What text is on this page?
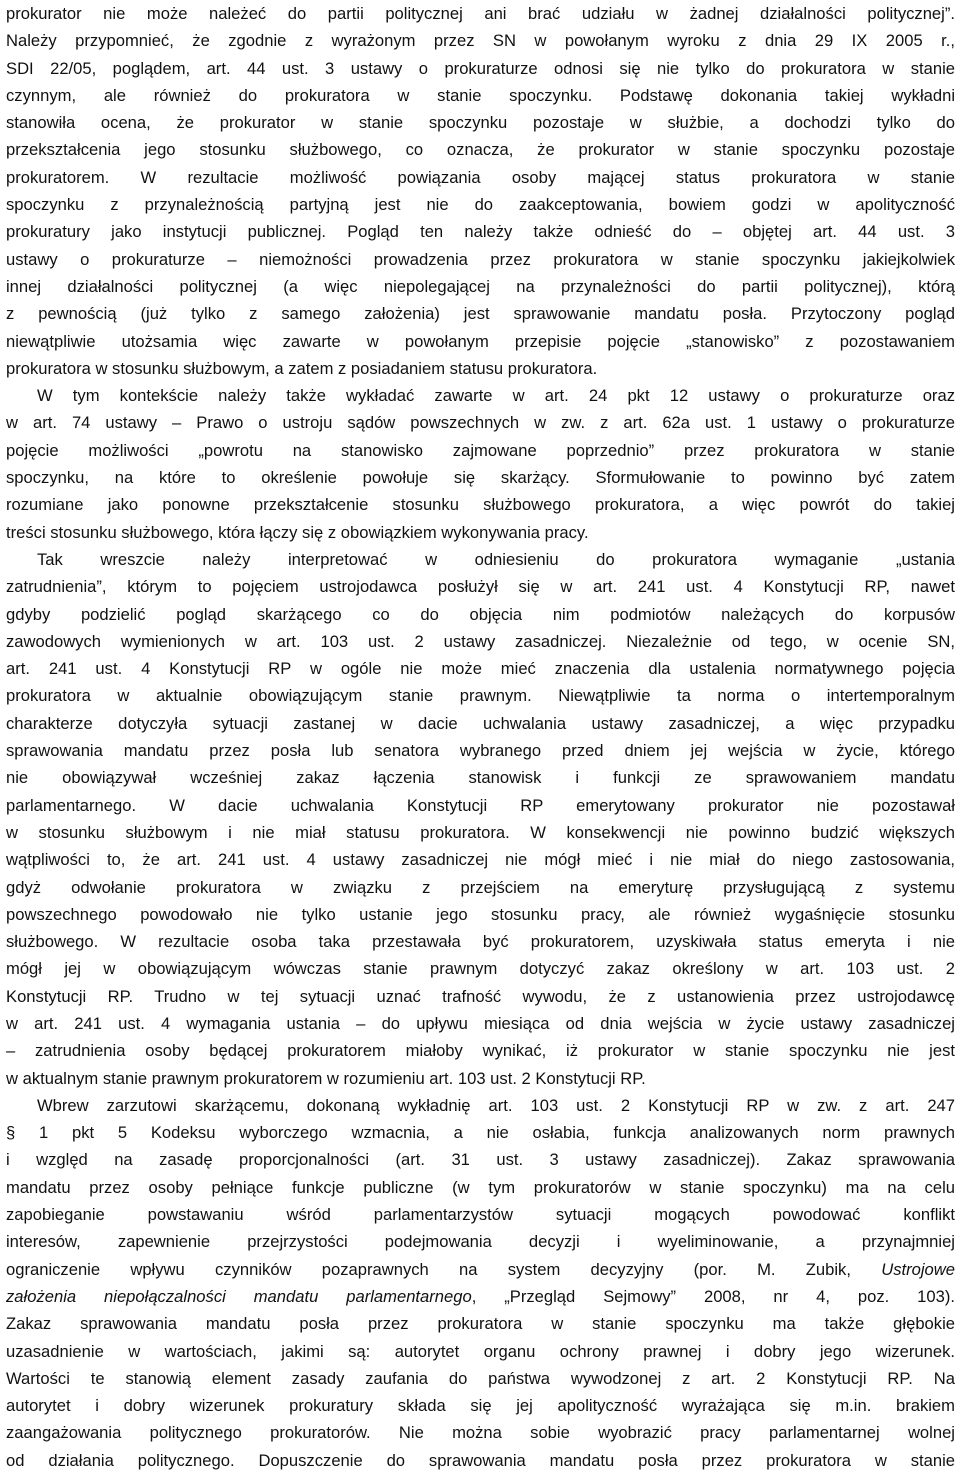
prokurator nie może należeć do partii politycznej ani brać udziału w żadnej działalności politycznej”.
Należy przypomnieć, że zgodnie z wyrażonym przez SN w powołanym wyroku z dnia 29 IX 2005 r.,
SDI 22/05, poglądem, art. 44 ust. 3 ustawy o prokuraturze odnosi się nie tylko do prokuratora w stanie
czynnym, ale również do prokuratora w stanie spoczynku. Podstawę dokonania takiej wykładni
stanowiła ocena, że prokurator w stanie spoczynku pozostaje w służbie, a dochodzi tylko do
przekształcenia jego stosunku służbowego, co oznacza, że prokurator w stanie spoczynku pozostaje
prokuratorem. W rezultacie możliwość powiązania osoby mającej status prokuratora w stanie
spoczynku z przynależnością partyjną jest nie do zaakceptowania, bowiem godzi w apolityczność
prokuratury jako instytucji publicznej. Pogląd ten należy także odnieść do – objętej art. 44 ust. 3
ustawy o prokuraturze – niemożności prowadzenia przez prokuratora w stanie spoczynku jakiejkolwiek
innej działalności politycznej (a więc niepolegającej na przynależności do partii politycznej), którą
z pewnością (już tylko z samego założenia) jest sprawowanie mandatu posła. Przytoczony pogląd
niewątpliwie utożsamia więc zawarte w powołanym przepisie pojęcie „stanowisko” z pozostawaniem
prokuratora w stosunku służbowym, a zatem z posiadaniem statusu prokuratora.
W tym kontekście należy także wykładać zawarte w art. 24 pkt 12 ustawy o prokuraturze oraz
w art. 74 ustawy – Prawo o ustroju sądów powszechnych w zw. z art. 62a ust. 1 ustawy o prokuraturze
pojęcie możliwości „powrotu na stanowisko zajmowane poprzednio” przez prokuratora w stanie
spoczynku, na które to określenie powołuje się skarżący. Sformułowanie to powinno być zatem
rozumiane jako ponowne przekształcenie stosunku służbowego prokuratora, a więc powrót do takiej
treści stosunku służbowego, która łączy się z obowiązkiem wykonywania pracy.
Tak wreszcie należy interpretować w odniesieniu do prokuratora wymaganie „ustania
zatrudnienia”, którym to pojęciem ustrojodawca posłużył się w art. 241 ust. 4 Konstytucji RP, nawet
gdyby podzielić pogląd skarżącego co do objęcia nim podmiotów należących do korpusów
zawodowych wymienionych w art. 103 ust. 2 ustawy zasadniczej. Niezależnie od tego, w ocenie SN,
art. 241 ust. 4 Konstytucji RP w ogóle nie może mieć znaczenia dla ustalenia normatywnego pojęcia
prokuratora w aktualnie obowiązującym stanie prawnym. Niewątpliwie ta norma o intertemporalnym
charakterze dotyczyła sytuacji zastanej w dacie uchwalania ustawy zasadniczej, a więc przypadku
sprawowania mandatu przez posła lub senatora wybranego przed dniem jej wejścia w życie, którego
nie obowiązywał wcześniej zakaz łączenia stanowisk i funkcji ze sprawowaniem mandatu
parlamentarnego. W dacie uchwalania Konstytucji RP emerytowany prokurator nie pozostawał
w stosunku służbowym i nie miał statusu prokuratora. W konsekwencji nie powinno budzić większych
wątpliwości to, że art. 241 ust. 4 ustawy zasadniczej nie mógł mieć i nie miał do niego zastosowania,
gdyż odwołanie prokuratora w związku z przejściem na emeryturę przysługującą z systemu
powszechnego powodowało nie tylko ustanie jego stosunku pracy, ale również wygaśnięcie stosunku
służbowego. W rezultacie osoba taka przestawała być prokuratorem, uzyskiwała status emeryta i nie
mógł jej w obowiązującym wówczas stanie prawnym dotyczyć zakaz określony w art. 103 ust. 2
Konstytucji RP. Trudno w tej sytuacji uznać trafność wywodu, że z ustanowienia przez ustrojodawcę
w art. 241 ust. 4 wymagania ustania – do upływu miesiąca od dnia wejścia w życie ustawy zasadniczej
– zatrudnienia osoby będącej prokuratorem miałoby wynikać, iż prokurator w stanie spoczynku nie jest
w aktualnym stanie prawnym prokuratorem w rozumieniu art. 103 ust. 2 Konstytucji RP.
Wbrew zarzutowi skarżącemu, dokonaną wykładnię art. 103 ust. 2 Konstytucji RP w zw. z art. 247
§ 1 pkt 5 Kodeksu wyborczego wzmacnia, a nie osłabia, funkcja analizowanych norm prawnych
i względ na zasadę proporcjonalności (art. 31 ust. 3 ustawy zasadniczej). Zakaz sprawowania
mandatu przez osoby pełniące funkcje publiczne (w tym prokuratorów w stanie spoczynku) ma na celu
zapobieganie powstawaniu wśród parlamentarzystów sytuacji mogących powodować konflikt
interesów, zapewnienie przejrzystości podejmowania decyzji i wyeliminowanie, a przynajmniej
ograniczenie wpływu czynników pozaprawnych na system decyzyjny (por. M. Zubik, Ustrojowe
założenia niepołączalności mandatu parlamentarnego, „Przegląd Sejmowy” 2008, nr 4, poz. 103).
Zakaz sprawowania mandatu posła przez prokuratora w stanie spoczynku ma także głębokie
uzasadnienie w wartościach, jakimi są: autorytet organu ochrony prawnej i dobry jego wizerunek.
Wartości te stanowią element zasady zaufania do państwa wywodzonej z art. 2 Konstytucji RP. Na
autorytet i dobry wizerunek prokuratury składa się jej apolityczność wyrażająca się m.in. brakiem
zaangażowania politycznego prokuratorów. Nie można sobie wyobrazić pracy parlamentarnej wolnej
od działania politycznego. Dopuszczenie do sprawowania mandatu posła przez prokuratora w stanie
